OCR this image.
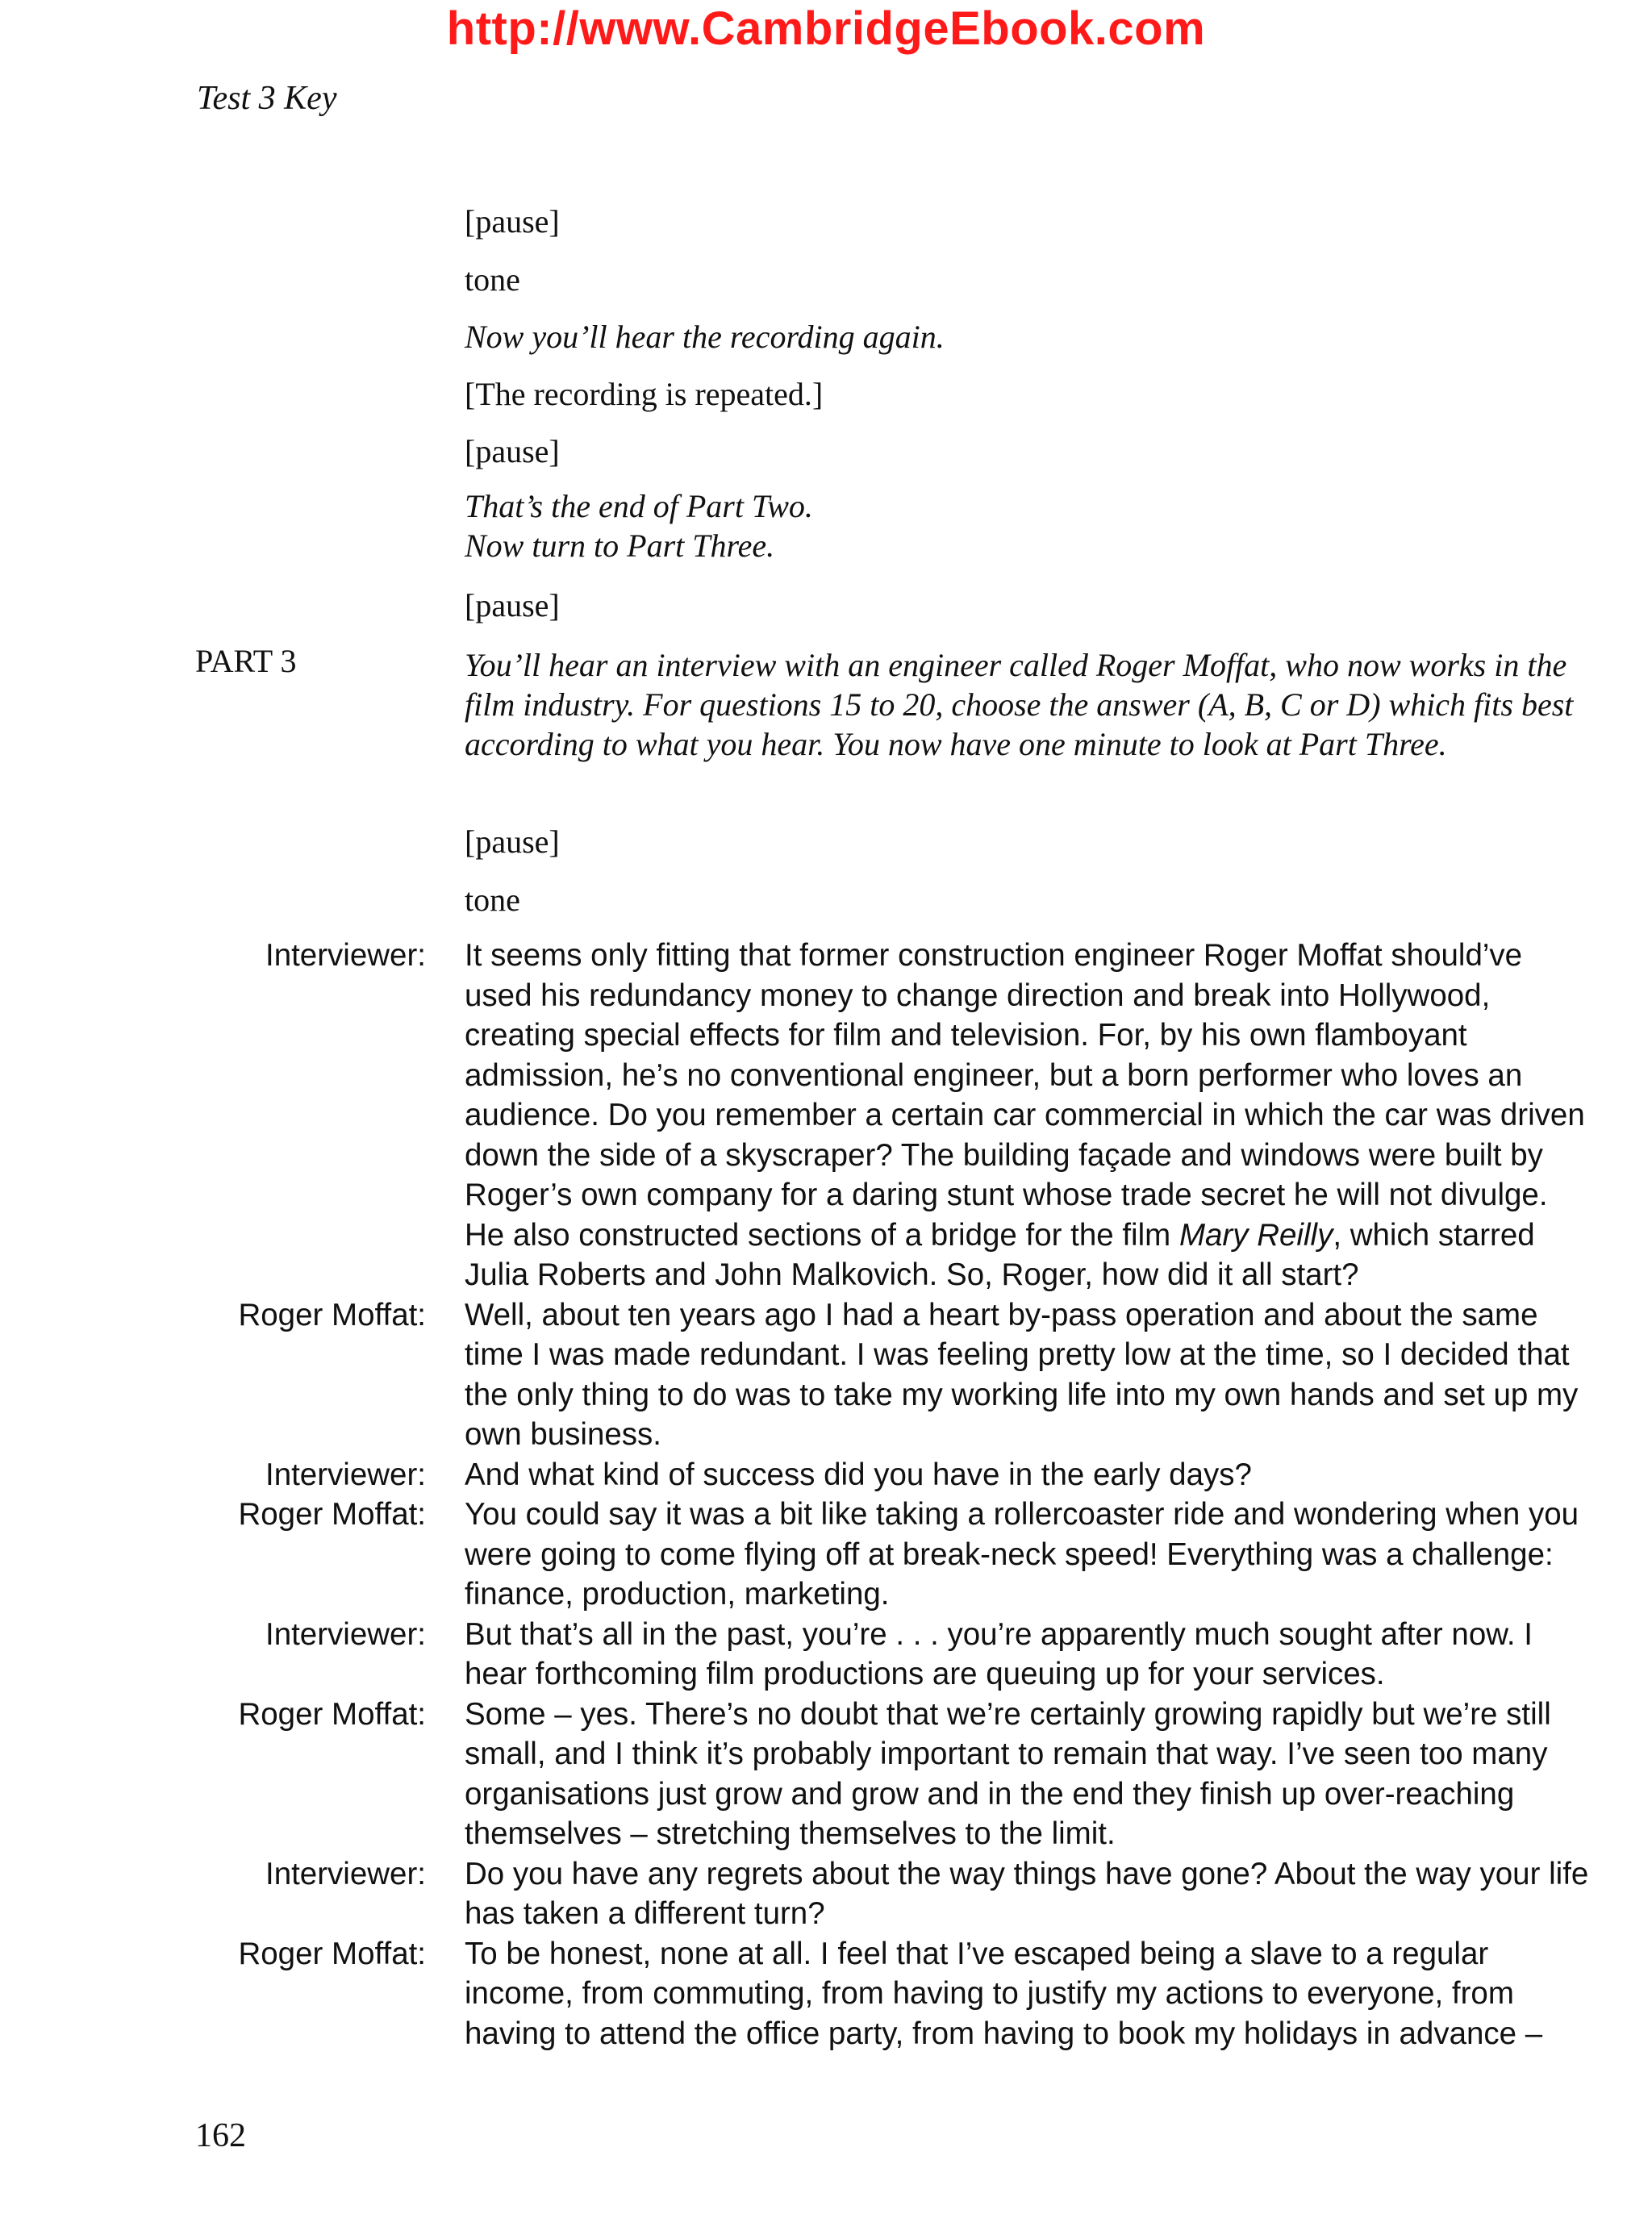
http://www.CambridgeEbook.com
Test 3 Key
[pause]
tone
Now you’ll hear the recording again.
[The recording is repeated.]
[pause]
That’s the end of Part Two.
Now turn to Part Three.
[pause]
PART 3	You’ll hear an interview with an engineer called Roger Moffat, who now works in the film industry. For questions 15 to 20, choose the answer (A, B, C or D) which fits best according to what you hear. You now have one minute to look at Part Three.
[pause]
tone
Interviewer: It seems only fitting that former construction engineer Roger Moffat should’ve used his redundancy money to change direction and break into Hollywood, creating special effects for film and television. For, by his own flamboyant admission, he’s no conventional engineer, but a born performer who loves an audience. Do you remember a certain car commercial in which the car was driven down the side of a skyscraper? The building façade and windows were built by Roger’s own company for a daring stunt whose trade secret he will not divulge. He also constructed sections of a bridge for the film Mary Reilly, which starred Julia Roberts and John Malkovich. So, Roger, how did it all start?
Roger Moffat: Well, about ten years ago I had a heart by-pass operation and about the same time I was made redundant. I was feeling pretty low at the time, so I decided that the only thing to do was to take my working life into my own hands and set up my own business.
Interviewer: And what kind of success did you have in the early days?
Roger Moffat: You could say it was a bit like taking a rollercoaster ride and wondering when you were going to come flying off at break-neck speed! Everything was a challenge: finance, production, marketing.
Interviewer: But that’s all in the past, you’re . . . you’re apparently much sought after now. I hear forthcoming film productions are queuing up for your services.
Roger Moffat: Some – yes. There’s no doubt that we’re certainly growing rapidly but we’re still small, and I think it’s probably important to remain that way. I’ve seen too many organisations just grow and grow and in the end they finish up over-reaching themselves – stretching themselves to the limit.
Interviewer: Do you have any regrets about the way things have gone? About the way your life has taken a different turn?
Roger Moffat: To be honest, none at all. I feel that I’ve escaped being a slave to a regular income, from commuting, from having to justify my actions to everyone, from having to attend the office party, from having to book my holidays in advance –
162
